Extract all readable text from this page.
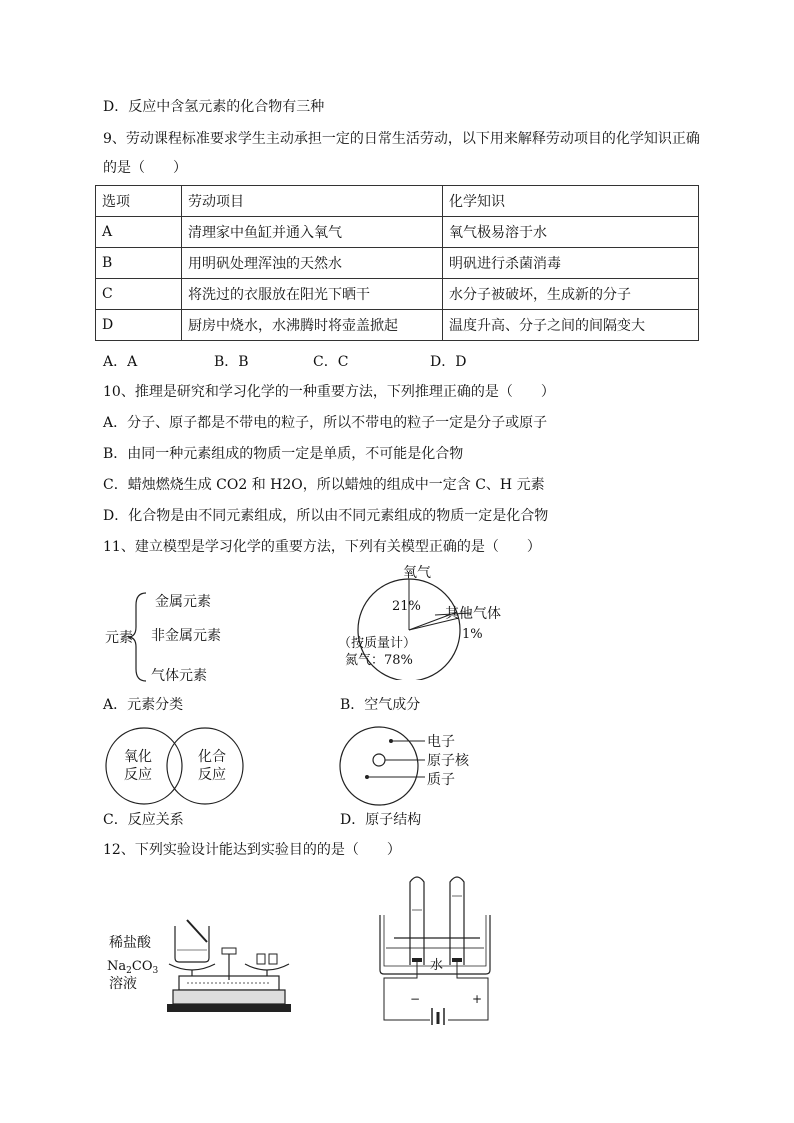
D．反应中含氢元素的化合物有三种
9、劳动课程标准要求学生主动承担一定的日常生活劳动，以下用来解释劳动项目的化学知识正确
的是（　　）
选项	劳动项目	化学知识
A	清理家中鱼缸并通入氧气	氧气极易溶于水
B	用明矾处理浑浊的天然水	明矾进行杀菌消毒
C	将洗过的衣服放在阳光下晒干	水分子被破坏，生成新的分子
D	厨房中烧水，水沸腾时将壶盖掀起	温度升高、分子之间的间隔变大
A．A	B．B	C．C	D．D
10、推理是研究和学习化学的一种重要方法，下列推理正确的是（　　）
A．分子、原子都是不带电的粒子，所以不带电的粒子一定是分子或原子
B．由同一种元素组成的物质一定是单质，不可能是化合物
C．蜡烛燃烧生成 CO2 和 H2O，所以蜡烛的组成中一定含 C、H 元素
D．化合物是由不同元素组成，所以由不同元素组成的物质一定是化合物
11、建立模型是学习化学的重要方法，下列有关模型正确的是（　　）
元素
金属元素
非金属元素
气体元素
A．元素分类
氧气
21% 其他气体
1%
（按质量计）
氮气：78%
B．空气成分
氧化
反应
化合
反应
C．反应关系
电子
原子核
质子
D．原子结构
12、下列实验设计能达到实验目的的是（　　）
稀盐酸
$Na_2CO_3$
溶液
水
−	+
